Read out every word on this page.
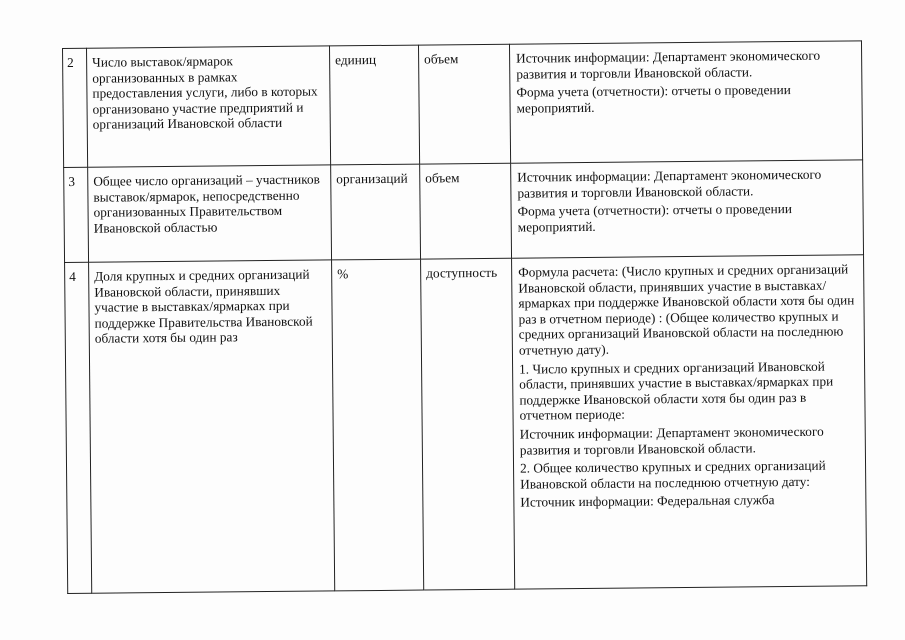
2	Число выставок/ярмарок организованных в рамках предоставления услуги, либо в которых организовано участие предприятий и организаций Ивановской области	единиц	объем	Источник информации: Департамент экономического развития и торговли Ивановской области.

Форма учета (отчетности): отчеты о проведении мероприятий.

3	Общее число организаций – участников выставок/ярмарок, непосредственно организованных Правительством Ивановской областью	организаций	объем	Источник информации: Департамент экономического развития и торговли Ивановской области.

Форма учета (отчетности): отчеты о проведении мероприятий.

4	Доля крупных и средних организаций Ивановской области, принявших участие в выставках/ярмарках при поддержке Правительства Ивановской области хотя бы один раз	%	доступность	Формула расчета: (Число крупных и средних организаций Ивановской области, принявших участие в выставках/ярмарках при поддержке Ивановской области хотя бы один раз в отчетном периоде) : (Общее количество крупных и средних организаций Ивановской области на последнюю отчетную дату).

1. Число крупных и средних организаций Ивановской области, принявших участие в выставках/ярмарках при поддержке Ивановской области хотя бы один раз в отчетном периоде:

Источник информации: Департамент экономического развития и торговли Ивановской области.

2. Общее количество крупных и средних организаций Ивановской области на последнюю отчетную дату:

Источник информации: Федеральная служба
